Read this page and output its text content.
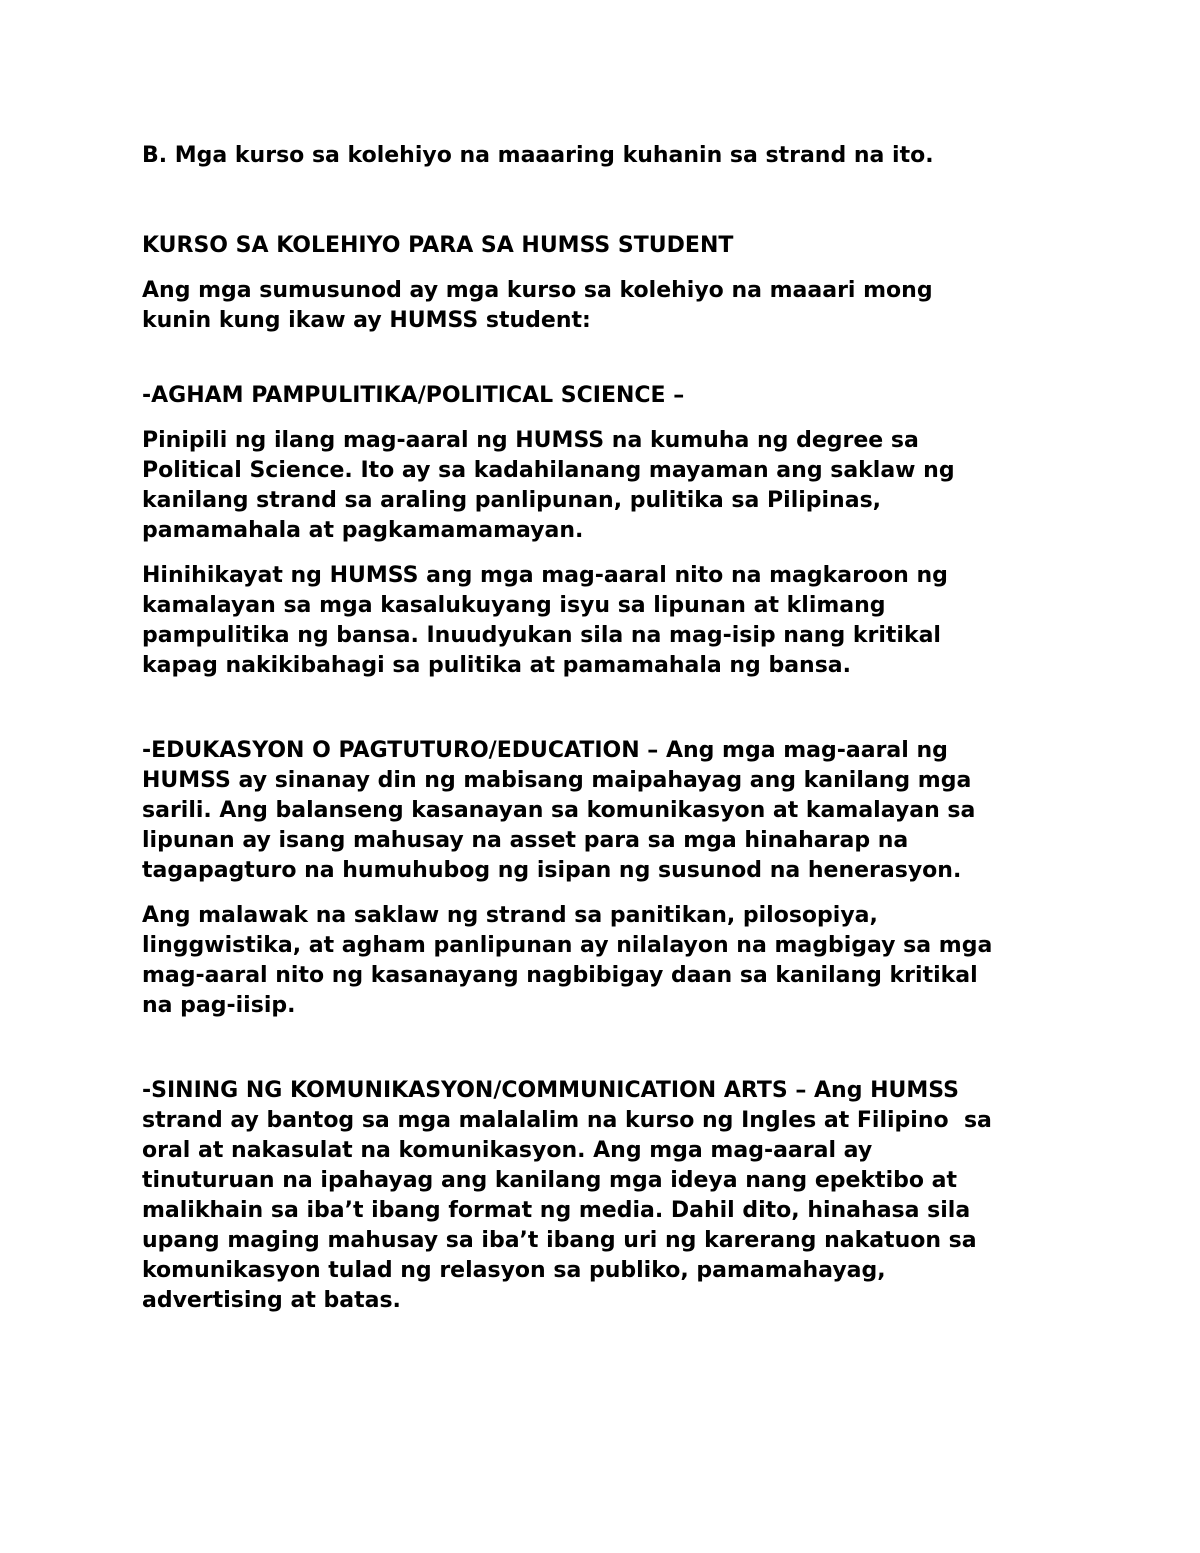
B. Mga kurso sa kolehiyo na maaaring kuhanin sa strand na ito.

KURSO SA KOLEHIYO PARA SA HUMSS STUDENT

Ang mga sumusunod ay mga kurso sa kolehiyo na maaari mong
kunin kung ikaw ay HUMSS student:

-AGHAM PAMPULITIKA/POLITICAL SCIENCE –

Pinipili ng ilang mag-aaral ng HUMSS na kumuha ng degree sa
Political Science. Ito ay sa kadahilanang mayaman ang saklaw ng
kanilang strand sa araling panlipunan, pulitika sa Pilipinas,
pamamahala at pagkamamamayan.

Hinihikayat ng HUMSS ang mga mag-aaral nito na magkaroon ng
kamalayan sa mga kasalukuyang isyu sa lipunan at klimang
pampulitika ng bansa. Inuudyukan sila na mag-isip nang kritikal
kapag nakikibahagi sa pulitika at pamamahala ng bansa.

-EDUKASYON O PAGTUTURO/EDUCATION – Ang mga mag-aaral ng
HUMSS ay sinanay din ng mabisang maipahayag ang kanilang mga
sarili. Ang balanseng kasanayan sa komunikasyon at kamalayan sa
lipunan ay isang mahusay na asset para sa mga hinaharap na
tagapagturo na humuhubog ng isipan ng susunod na henerasyon.

Ang malawak na saklaw ng strand sa panitikan, pilosopiya,
linggwistika, at agham panlipunan ay nilalayon na magbigay sa mga
mag-aaral nito ng kasanayang nagbibigay daan sa kanilang kritikal
na pag-iisip.

-SINING NG KOMUNIKASYON/COMMUNICATION ARTS – Ang HUMSS
strand ay bantog sa mga malalalim na kurso ng Ingles at Filipino  sa
oral at nakasulat na komunikasyon. Ang mga mag-aaral ay
tinuturuan na ipahayag ang kanilang mga ideya nang epektibo at
malikhain sa iba’t ibang format ng media. Dahil dito, hinahasa sila
upang maging mahusay sa iba’t ibang uri ng karerang nakatuon sa
komunikasyon tulad ng relasyon sa publiko, pamamahayag,
advertising at batas.
